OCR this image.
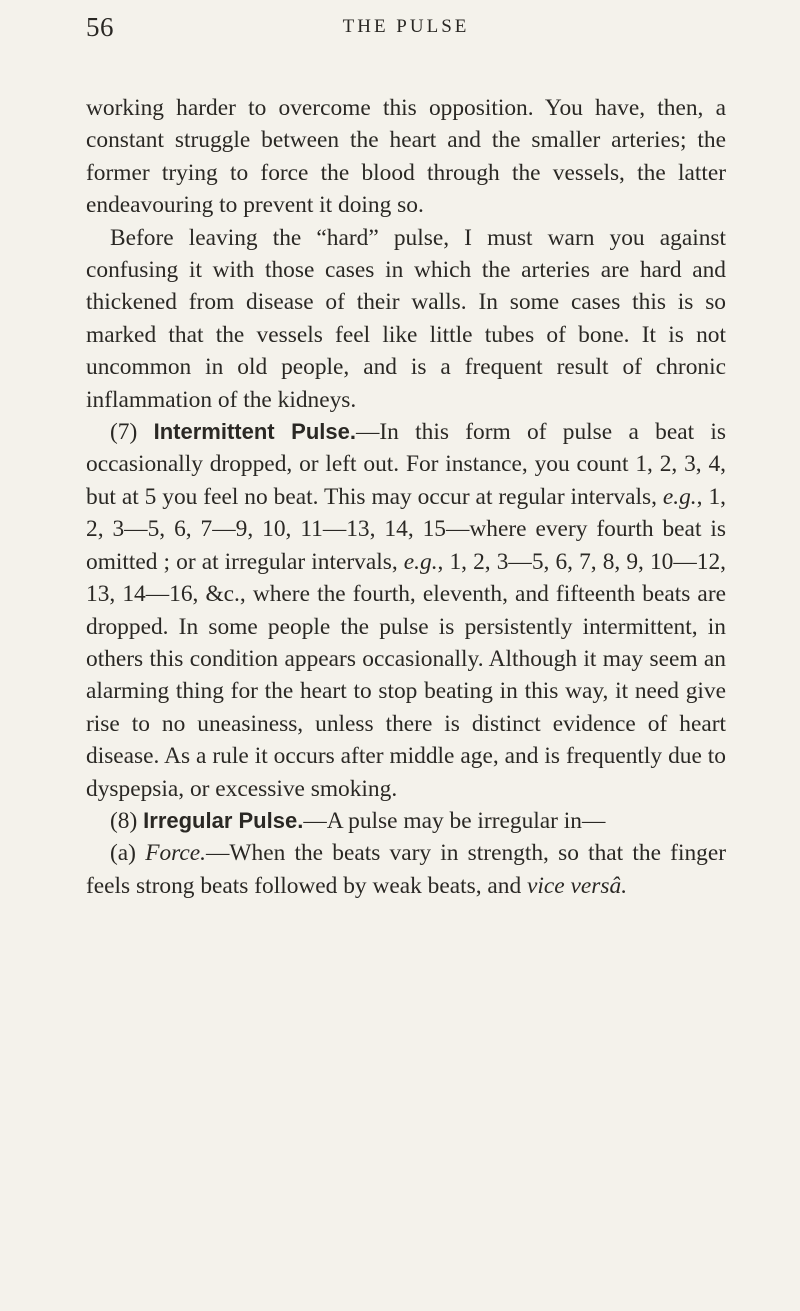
56	THE PULSE

working harder to overcome this opposition. You have, then, a constant struggle between the heart and the smaller arteries; the former trying to force the blood through the vessels, the latter endeavouring to prevent it doing so.

Before leaving the “hard” pulse, I must warn you against confusing it with those cases in which the arteries are hard and thickened from disease of their walls. In some cases this is so marked that the vessels feel like little tubes of bone. It is not uncommon in old people, and is a frequent result of chronic inflammation of the kidneys.

(7) Intermittent Pulse.—In this form of pulse a beat is occasionally dropped, or left out. For instance, you count 1, 2, 3, 4, but at 5 you feel no beat. This may occur at regular intervals, e.g., 1, 2, 3—5, 6, 7—9, 10, 11—13, 14, 15—where every fourth beat is omitted ; or at irregular intervals, e.g., 1, 2, 3—5, 6, 7, 8, 9, 10—12, 13, 14—16, &c., where the fourth, eleventh, and fifteenth beats are dropped. In some people the pulse is persistently intermittent, in others this condition appears occasionally. Although it may seem an alarming thing for the heart to stop beating in this way, it need give rise to no uneasiness, unless there is distinct evidence of heart disease. As a rule it occurs after middle age, and is frequently due to dyspepsia, or excessive smoking.

(8) Irregular Pulse.—A pulse may be irregular in—

(a) Force.—When the beats vary in strength, so that the finger feels strong beats followed by weak beats, and vice versâ.
